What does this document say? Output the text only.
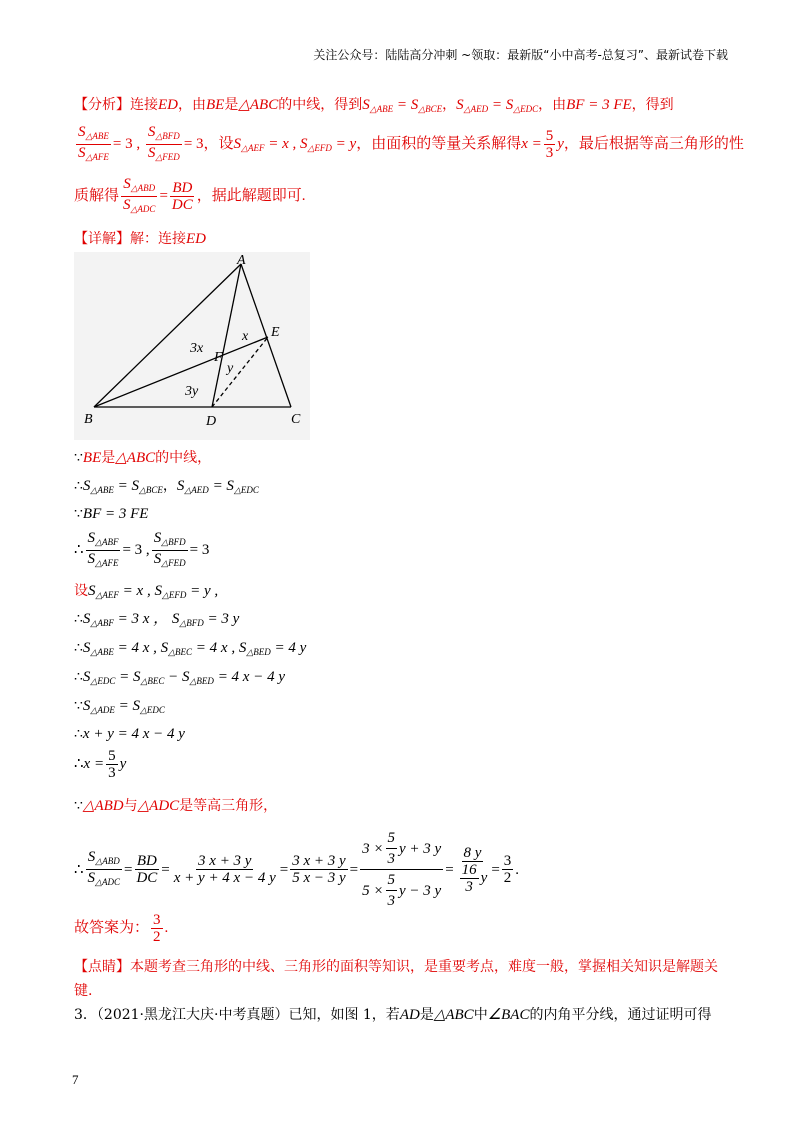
关注公众号：陆陆高分冲刺 ~领取：最新版“小中高考-总复习”、最新试卷下载
【分析】连接ED，由BE是△ABC的中线，得到$S_{\triangle ABE} = S_{\triangle BCE}$，$S_{\triangle AED} = S_{\triangle EDC}$，由BF = 3 FE，得到
$\frac{S_{\triangle ABE}}{S_{\triangle AFE}} = 3$ , $\frac{S_{\triangle BFD}}{S_{\triangle FED}} = 3$，设$S_{\triangle AEF} = x$ , $S_{\triangle EFD} = y$，由面积的等量关系解得$x = \frac{5}{3}$ y，最后根据等高三角形的性
质解得 $\frac{S_{\triangle ABD}}{S_{\triangle ADC}} = \frac{BD}{DC}$ ，据此解题即可.
【详解】解：连接ED
A
B	C
D
E
F
x
y
3x
3y
∵BE是△ABC的中线，
$\therefore S_{\triangle ABE} = S_{\triangle BCE}$，$S_{\triangle AED} = S_{\triangle EDC}$
∵BF = 3 FE
∴ $\frac{S_{\triangle ABF}}{S_{\triangle AFE}} = 3$ , $\frac{S_{\triangle BFD}}{S_{\triangle FED}} = 3$
设$S_{\triangle AEF} = x$ , $S_{\triangle EFD} = y$ ,
$\therefore S_{\triangle ABF} = 3$ x ， $S_{\triangle BFD} = 3$ y
$\therefore S_{\triangle ABE} = 4$ x , $S_{\triangle BEC} = 4$ x , $S_{\triangle BED} = 4$ y
$\therefore S_{\triangle EDC} = S_{\triangle BEC} - S_{\triangle BED} = 4$ x − 4 y
$\because S_{\triangle ADE} = S_{\triangle EDC}$
∴x + y = 4 x − 4 y
∴x = $\frac{5}{3}$ y
∵△ABD与△ADC是等高三角形，
∴ $\frac{S_{\triangle ABD}}{S_{\triangle ADC}} = \frac{BD}{DC} = \frac{3 x + 3 y}{x + y + 4 x - 4 y} = \frac{3 x + 3 y}{5 x - 3 y} = \frac{3 \times \frac{5}{3} y + 3 y}{5 \times \frac{5}{3} y - 3 y} = \frac{8 y}{\frac{16}{3} y} = \frac{3}{2}$ .
故答案为： $\frac{3}{2}$ .
【点睛】本题考查三角形的中线、三角形的面积等知识，是重要考点，难度一般，掌握相关知识是解题关
键.
3．（2021·黑龙江大庆·中考真题）已知，如图 1，若AD是△ABC中∠BAC的内角平分线，通过证明可得
7
